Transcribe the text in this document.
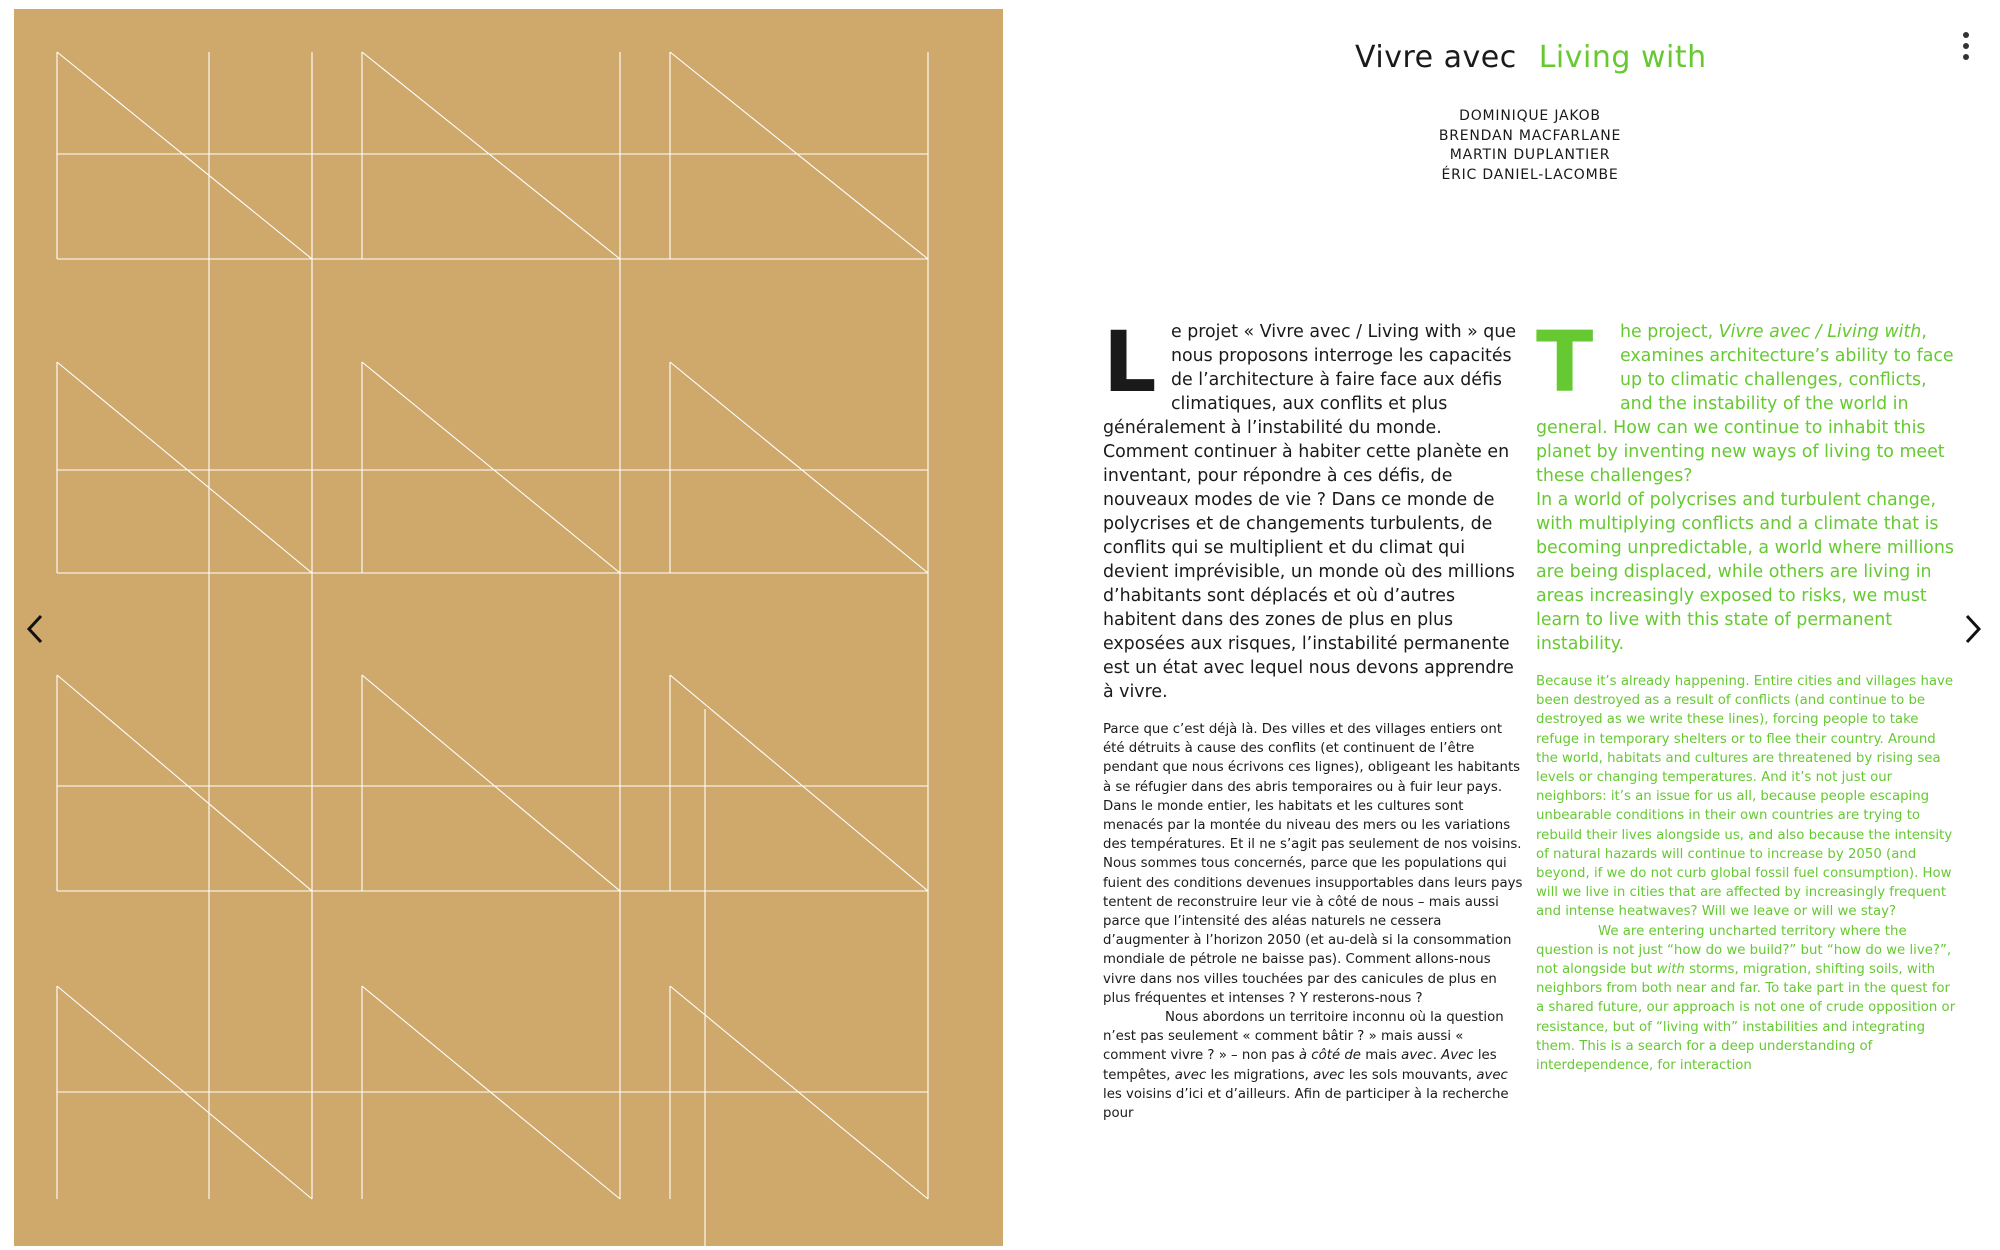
Vivre avec Living with
DOMINIQUE JAKOB
BRENDAN MACFARLANE
MARTIN DUPLANTIER
ÉRIC DANIEL-LACOMBE
Le projet « Vivre avec / Living with » que nous proposons interroge les capacités de l’architecture à faire face aux défis climatiques, aux conflits et plus généralement à l’instabilité du monde. Comment continuer à habiter cette planète en inventant, pour répondre à ces défis, de nouveaux modes de vie ? Dans ce monde de polycrises et de changements turbulents, de conflits qui se multiplient et du climat qui devient imprévisible, un monde où des millions d’habitants sont déplacés et où d’autres habitent dans des zones de plus en plus exposées aux risques, l’instabilité permanente est un état avec lequel nous devons apprendre à vivre.

Parce que c’est déjà là. Des villes et des villages entiers ont été détruits à cause des conflits (et continuent de l’être pendant que nous écrivons ces lignes), obligeant les habitants à se réfugier dans des abris temporaires ou à fuir leur pays. Dans le monde entier, les habitats et les cultures sont menacés par la montée du niveau des mers ou les variations des températures. Et il ne s’agit pas seulement de nos voisins. Nous sommes tous concernés, parce que les populations qui fuient des conditions devenues insupportables dans leurs pays tentent de reconstruire leur vie à côté de nous – mais aussi parce que l’intensité des aléas naturels ne cessera d’augmenter à l’horizon 2050 (et au-delà si la consommation mondiale de pétrole ne baisse pas). Comment allons-nous vivre dans nos villes touchées par des canicules de plus en plus fréquentes et intenses ? Y resterons-nous ?

Nous abordons un territoire inconnu où la question n’est pas seulement « comment bâtir ? » mais aussi « comment vivre ? » – non pas à côté de mais avec. Avec les tempêtes, avec les migrations, avec les sols mouvants, avec les voisins d’ici et d’ailleurs. Afin de participer à la recherche pour

T	he project, Vivre avec / Living with, examines architecture’s ability to face up to climatic challenges, conflicts, and the instability of the world in general. How can we continue to inhabit this planet by inventing new ways of living to meet these challenges?
In a world of polycrises and turbulent change, with multiplying conflicts and a climate that is becoming unpredictable, a world where millions are being displaced, while others are living in areas increasingly exposed to risks, we must learn to live with this state of permanent instability.

Because it’s already happening. Entire cities and villages have been destroyed as a result of conflicts (and continue to be destroyed as we write these lines), forcing people to take refuge in temporary shelters or to flee their country. Around the world, habitats and cultures are threatened by rising sea levels or changing temperatures. And it’s not just our neighbors: it’s an issue for us all, because people escaping unbearable conditions in their own countries are trying to rebuild their lives alongside us, and also because the intensity of natural hazards will continue to increase by 2050 (and beyond, if we do not curb global fossil fuel consumption). How will we live in cities that are affected by increasingly frequent and intense heatwaves? Will we leave or will we stay?

We are entering uncharted territory where the question is not just “how do we build?” but “how do we live?”, not alongside but with storms, migration, shifting soils, with neighbors from both near and far. To take part in the quest for a shared future, our approach is not one of crude opposition or resistance, but of “living with” instabilities and integrating them. This is a search for a deep understanding of interdependence, for interaction
